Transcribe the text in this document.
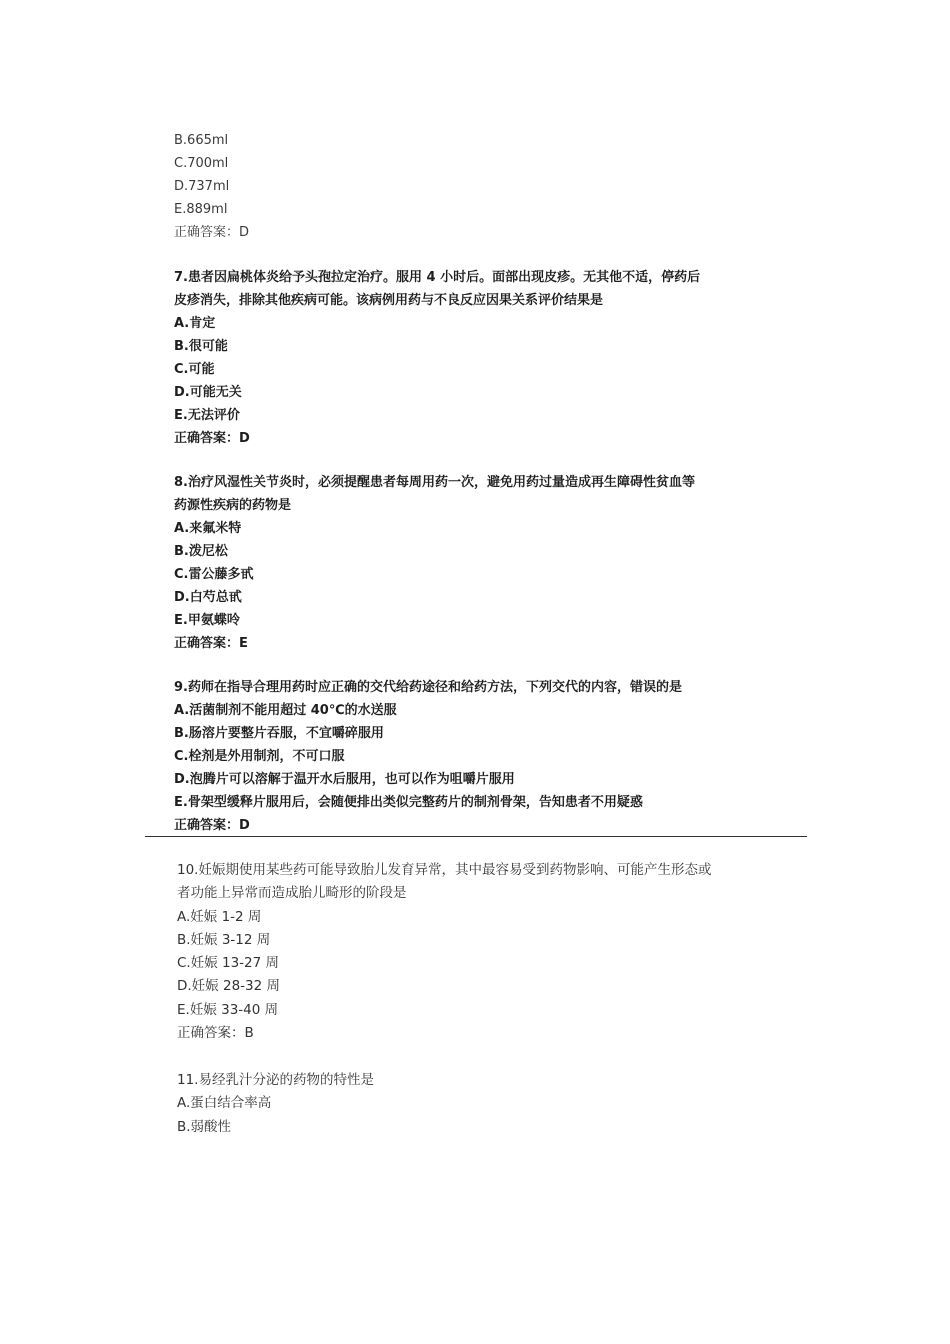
B.665ml
C.700ml
D.737ml
E.889ml
正确答案：D
7.患者因扁桃体炎给予头孢拉定治疗。服用 4 小时后。面部出现皮疹。无其他不适，停药后
皮疹消失，排除其他疾病可能。该病例用药与不良反应因果关系评价结果是
A.肯定
B.很可能
C.可能
D.可能无关
E.无法评价
正确答案：D
8.治疗风湿性关节炎时，必须提醒患者每周用药一次，避免用药过量造成再生障碍性贫血等
药源性疾病的药物是
A.来氟米特
B.泼尼松
C.雷公藤多甙
D.白芍总甙
E.甲氨蝶呤
正确答案：E
9.药师在指导合理用药时应正确的交代给药途径和给药方法，下列交代的内容，错误的是
A.活菌制剂不能用超过 40℃的水送服
B.肠溶片要整片吞服，不宜嚼碎服用
C.栓剂是外用制剂，不可口服
D.泡腾片可以溶解于温开水后服用，也可以作为咀嚼片服用
E.骨架型缓释片服用后，会随便排出类似完整药片的制剂骨架，告知患者不用疑惑
正确答案：D
10.妊娠期使用某些药可能导致胎儿发育异常，其中最容易受到药物影响、可能产生形态或
者功能上异常而造成胎儿畸形的阶段是
A.妊娠 1-2 周
B.妊娠 3-12 周
C.妊娠 13-27 周
D.妊娠 28-32 周
E.妊娠 33-40 周
正确答案：B
11.易经乳汁分泌的药物的特性是
A.蛋白结合率高
B.弱酸性
